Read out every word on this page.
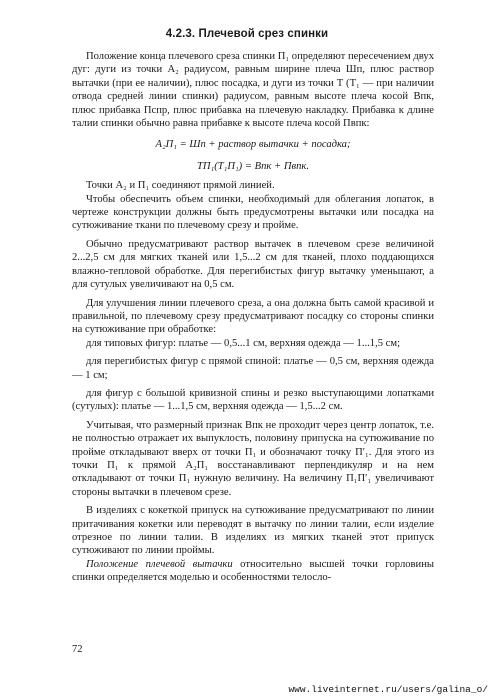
4.2.3. Плечевой срез спинки

Положение конца плечевого среза спинки П₁ определяют пересечением двух дуг: дуги из точки A₂ радиусом, равным ширине плеча Шп, плюс раствор вытачки (при ее наличии), плюс посадка, и дуги из точки T (T₁ — при наличии отвода средней линии спинки) радиусом, равным высоте плеча косой Bпк, плюс прибавка Пспр, плюс прибавка на плечевую накладку. Прибавка к длине талии спинки обычно равна прибавке к высоте плеча косой Пвпк:

A₂П₁ = Шп + раствор вытачки + посадка;

TП₁(T₁П₁) = Bпк + Пвпк.

Точки A₂ и П₁ соединяют прямой линией.

Чтобы обеспечить объем спинки, необходимый для облегания лопаток, в чертеже конструкции должны быть предусмотрены вытачки или посадка на сутюживание ткани по плечевому срезу и пройме.

Обычно предусматривают раствор вытачек в плечевом срезе величиной 2...2,5 см для мягких тканей или 1,5...2 см для тканей, плохо поддающихся влажно-тепловой обработке. Для перегибистых фигур вытачку уменьшают, а для сутулых увеличивают на 0,5 см.

Для улучшения линии плечевого среза, а она должна быть самой красивой и правильной, по плечевому срезу предусматривают посадку со стороны спинки на сутюживание при обработке:

для типовых фигур: платье — 0,5...1 см, верхняя одежда — 1...1,5 см;

для перегибистых фигур с прямой спиной: платье — 0,5 см, верхняя одежда — 1 см;

для фигур с большой кривизной спины и резко выступающими лопатками (сутулых): платье — 1...1,5 см, верхняя одежда — 1,5...2 см.

Учитывая, что размерный признак Bпк не проходит через центр лопаток, т.е. не полностью отражает их выпуклость, половину припуска на сутюживание по пройме откладывают вверх от точки П₁ и обозначают точку П′₁. Для этого из точки П₁ к прямой A₂П₁ восстанавливают перпендикуляр и на нем откладывают от точки П₁ нужную величину. На величину П₁П′₁ увеличивают стороны вытачки в плечевом срезе.

В изделиях с кокеткой припуск на сутюживание предусматривают по линии притачивания кокетки или переводят в вытачку по линии талии, если изделие отрезное по линии талии. В изделиях из мягких тканей этот припуск сутюживают по линии проймы.

Положение плечевой вытачки относительно высшей точки горловины спинки определяется моделью и особенностями телосло-

72
www.liveinternet.ru/users/galina_o/
